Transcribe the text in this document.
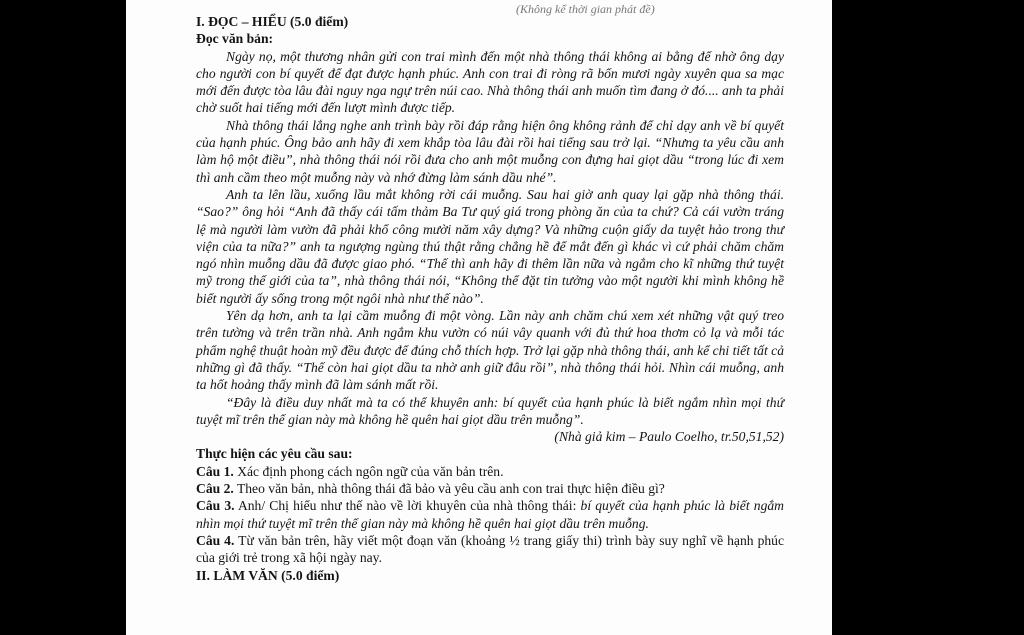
(Không kể thời gian phát đề)
I. ĐỌC – HIỂU (5.0 điểm)
Đọc văn bản:

Ngày nọ, một thương nhân gửi con trai mình đến một nhà thông thái không ai bằng để nhờ ông dạy cho người con bí quyết để đạt được hạnh phúc. Anh con trai đi ròng rã bốn mươi ngày xuyên qua sa mạc mới đến được tòa lâu đài nguy nga ngự trên núi cao. Nhà thông thái anh muốn tìm đang ở đó.... anh ta phải chờ suốt hai tiếng mới đến lượt mình được tiếp.

Nhà thông thái lắng nghe anh trình bày rồi đáp rằng hiện ông không rảnh để chỉ dạy anh về bí quyết của hạnh phúc. Ông bảo anh hãy đi xem khắp tòa lâu đài rồi hai tiếng sau trở lại. “Nhưng ta yêu cầu anh làm hộ một điều”, nhà thông thái nói rồi đưa cho anh một muỗng con đựng hai giọt dầu “trong lúc đi xem thì anh cầm theo một muỗng này và nhớ đừng làm sánh dầu nhé”.

Anh ta lên lầu, xuống lầu mắt không rời cái muỗng. Sau hai giờ anh quay lại gặp nhà thông thái. “Sao?” ông hỏi “Anh đã thấy cái tấm thảm Ba Tư quý giá trong phòng ăn của ta chứ? Cả cái vườn tráng lệ mà người làm vườn đã phải khổ công mười năm xây dựng? Và những cuộn giấy da tuyệt hảo trong thư viện của ta nữa?” anh ta ngượng ngùng thú thật rằng chẳng hề để mắt đến gì khác vì cứ phải chăm chăm ngó nhìn muỗng dầu đã được giao phó. “Thế thì anh hãy đi thêm lần nữa và ngắm cho kĩ những thứ tuyệt mỹ trong thế giới của ta”, nhà thông thái nói, “Không thể đặt tin tưởng vào một người khi mình không hề biết người ấy sống trong một ngôi nhà như thế nào”.

Yên dạ hơn, anh ta lại cầm muỗng đi một vòng. Lần này anh chăm chú xem xét những vật quý treo trên tường và trên trần nhà. Anh ngắm khu vườn có núi vây quanh với đủ thứ hoa thơm cỏ lạ và mỗi tác phẩm nghệ thuật hoàn mỹ đều được để đúng chỗ thích hợp. Trở lại gặp nhà thông thái, anh kể chi tiết tất cả những gì đã thấy. “Thế còn hai giọt dầu ta nhờ anh giữ đâu rồi”, nhà thông thái hỏi. Nhìn cái muỗng, anh ta hốt hoảng thấy mình đã làm sánh mất rồi.

“Đây là điều duy nhất mà ta có thể khuyên anh: bí quyết của hạnh phúc là biết ngắm nhìn mọi thứ tuyệt mĩ trên thế gian này mà không hề quên hai giọt dầu trên muỗng”.

(Nhà giả kim – Paulo Coelho, tr.50,51,52)
Thực hiện các yêu cầu sau:

Câu 1. Xác định phong cách ngôn ngữ của văn bản trên.

Câu 2. Theo văn bản, nhà thông thái đã bảo và yêu cầu anh con trai thực hiện điều gì?

Câu 3. Anh/ Chị hiểu như thế nào về lời khuyên của nhà thông thái: bí quyết của hạnh phúc là biết ngắm nhìn mọi thứ tuyệt mĩ trên thế gian này mà không hề quên hai giọt dầu trên muỗng.

Câu 4. Từ văn bản trên, hãy viết một đoạn văn (khoảng ½ trang giấy thi) trình bày suy nghĩ về hạnh phúc của giới trẻ trong xã hội ngày nay.

II. LÀM VĂN (5.0 điểm)
